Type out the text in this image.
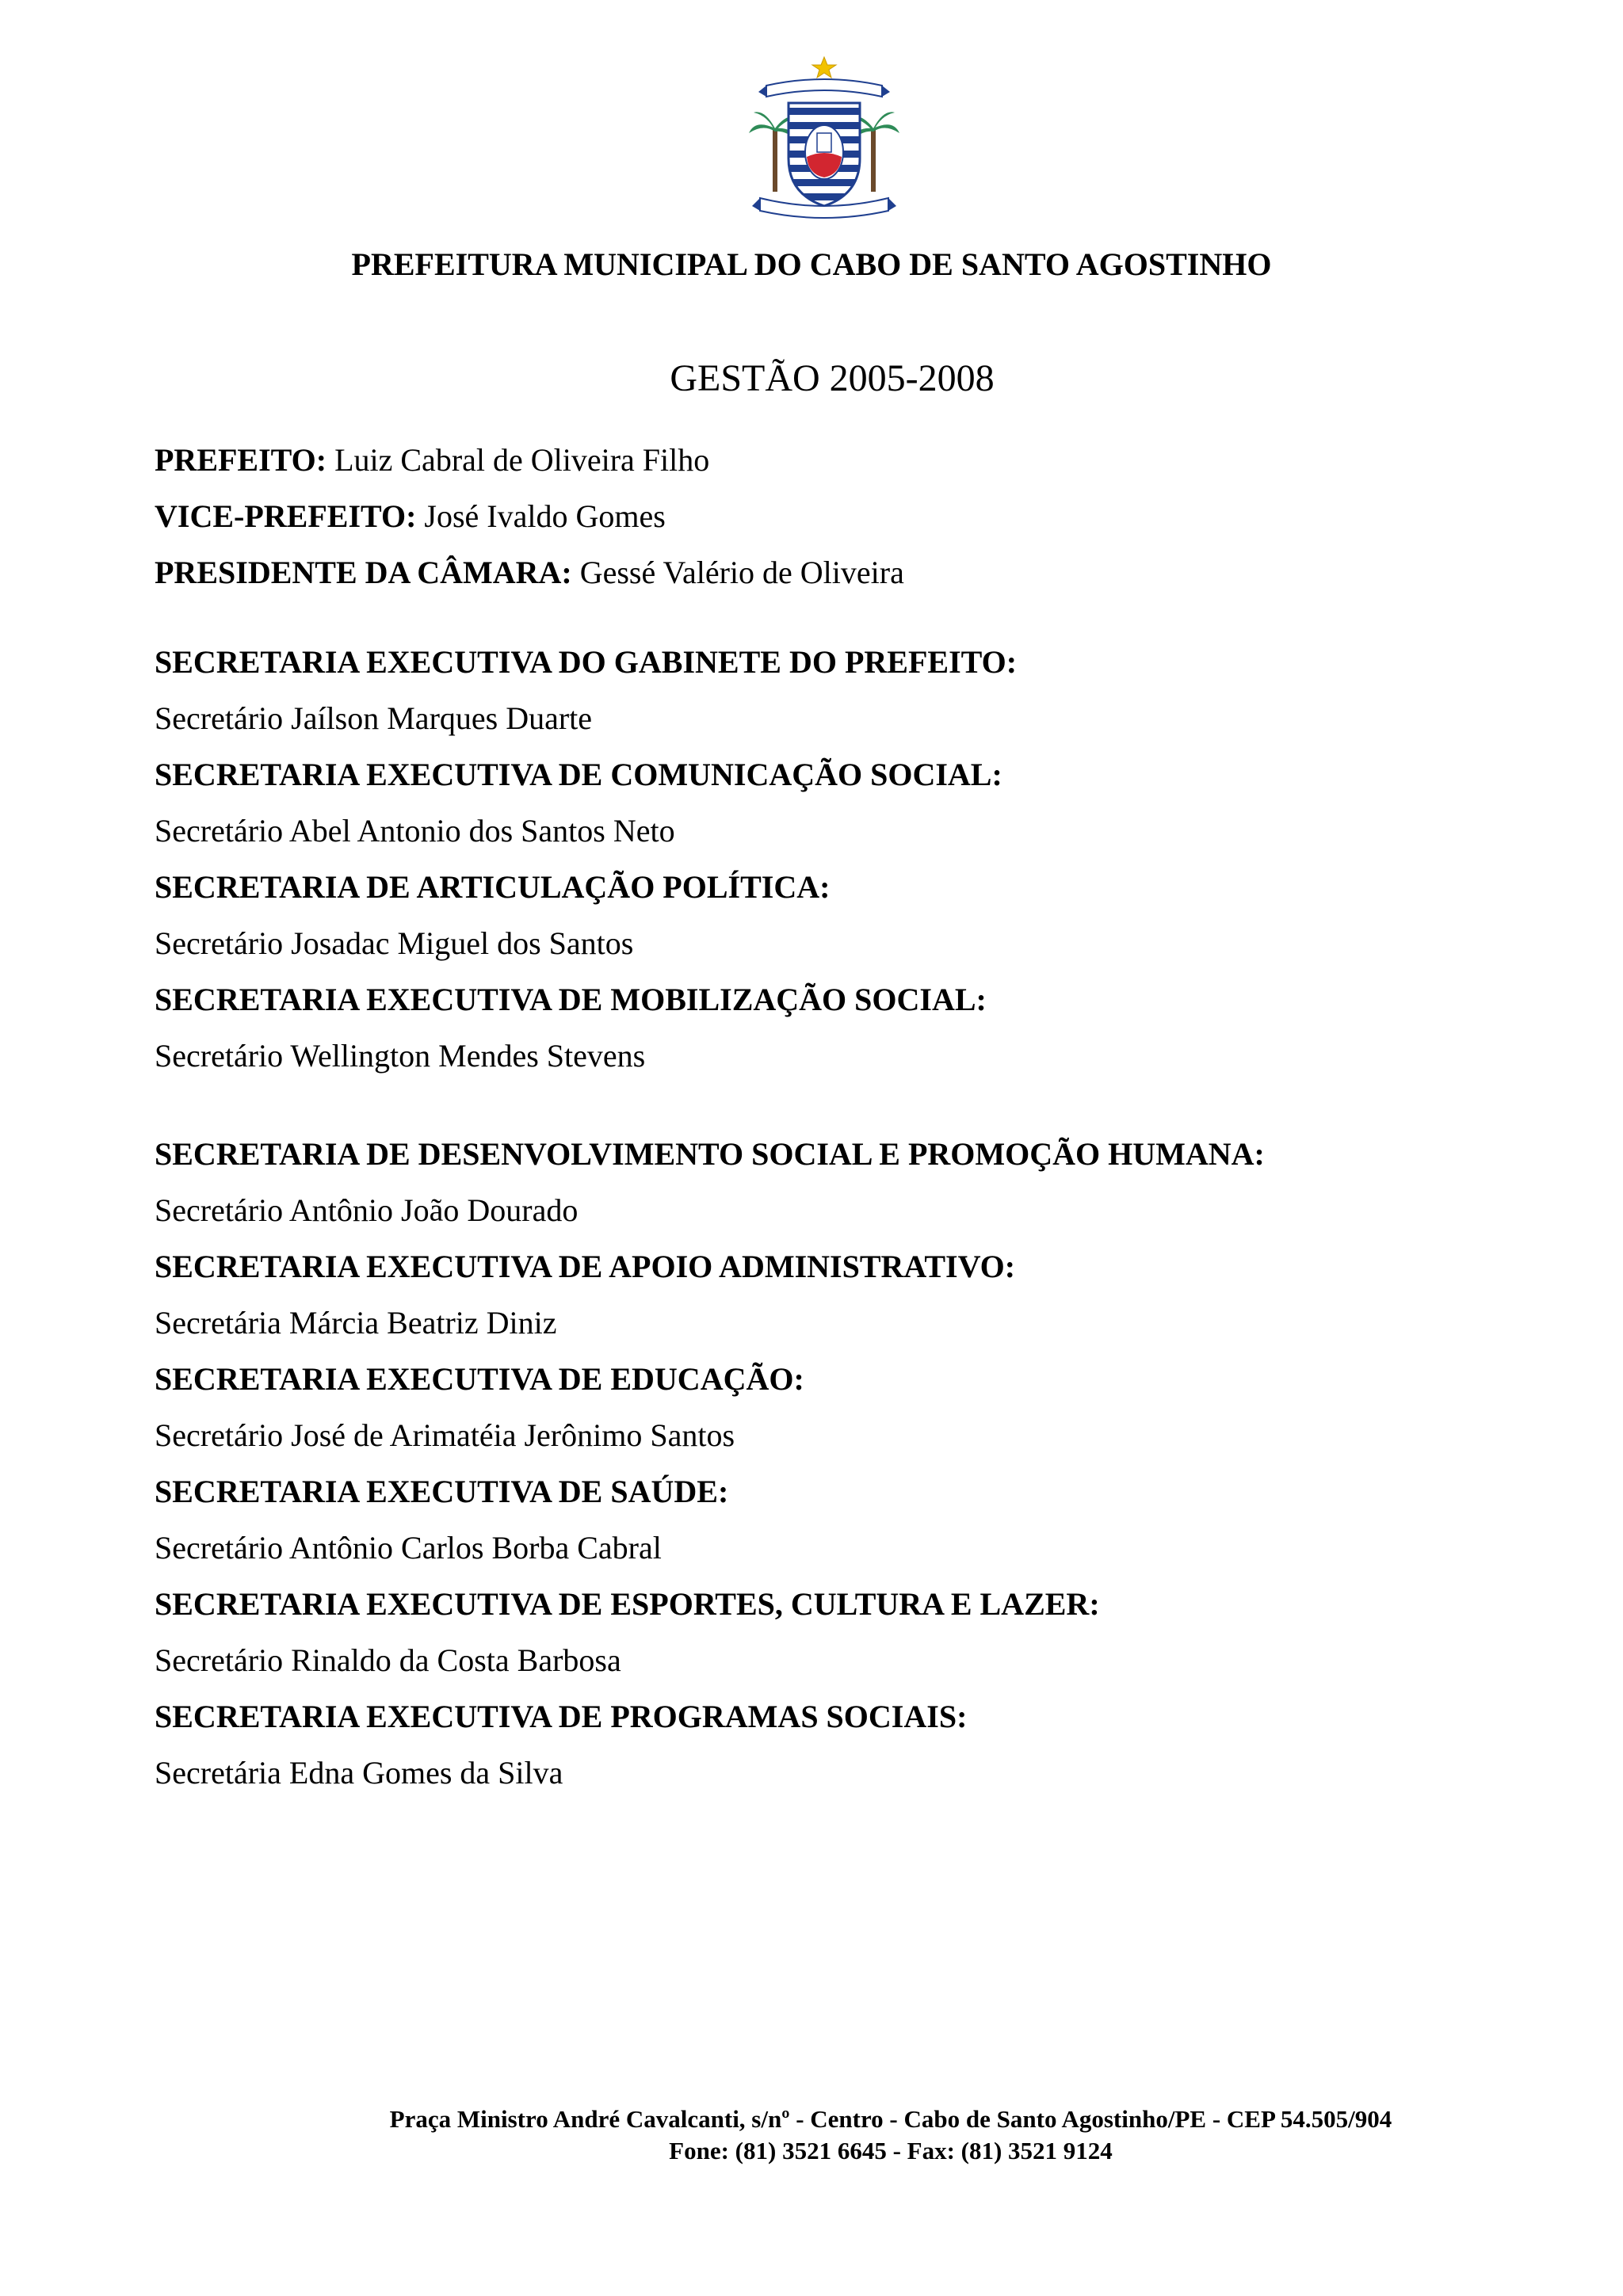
PREFEITURA MUNICIPAL DO CABO DE SANTO AGOSTINHO
GESTÃO 2005-2008
PREFEITO: Luiz Cabral de Oliveira Filho
VICE-PREFEITO: José Ivaldo Gomes
PRESIDENTE DA CÂMARA: Gessé Valério de Oliveira
SECRETARIA EXECUTIVA DO GABINETE DO PREFEITO:
Secretário Jaílson Marques Duarte
SECRETARIA EXECUTIVA DE COMUNICAÇÃO SOCIAL:
Secretário Abel Antonio dos Santos Neto
SECRETARIA DE ARTICULAÇÃO POLÍTICA:
Secretário Josadac Miguel dos Santos
SECRETARIA EXECUTIVA DE MOBILIZAÇÃO SOCIAL:
Secretário Wellington Mendes Stevens
SECRETARIA DE DESENVOLVIMENTO SOCIAL E PROMOÇÃO HUMANA:
Secretário Antônio João Dourado
SECRETARIA EXECUTIVA DE APOIO ADMINISTRATIVO:
Secretária Márcia Beatriz Diniz
SECRETARIA EXECUTIVA DE EDUCAÇÃO:
Secretário José de Arimatéia Jerônimo Santos
SECRETARIA EXECUTIVA DE SAÚDE:
Secretário Antônio Carlos Borba Cabral
SECRETARIA EXECUTIVA DE ESPORTES, CULTURA E LAZER:
Secretário Rinaldo da Costa Barbosa
SECRETARIA EXECUTIVA DE PROGRAMAS SOCIAIS:
Secretária Edna Gomes da Silva
Praça Ministro André Cavalcanti, s/nº - Centro - Cabo de Santo Agostinho/PE - CEP 54.505/904
Fone: (81) 3521 6645 - Fax: (81) 3521 9124
